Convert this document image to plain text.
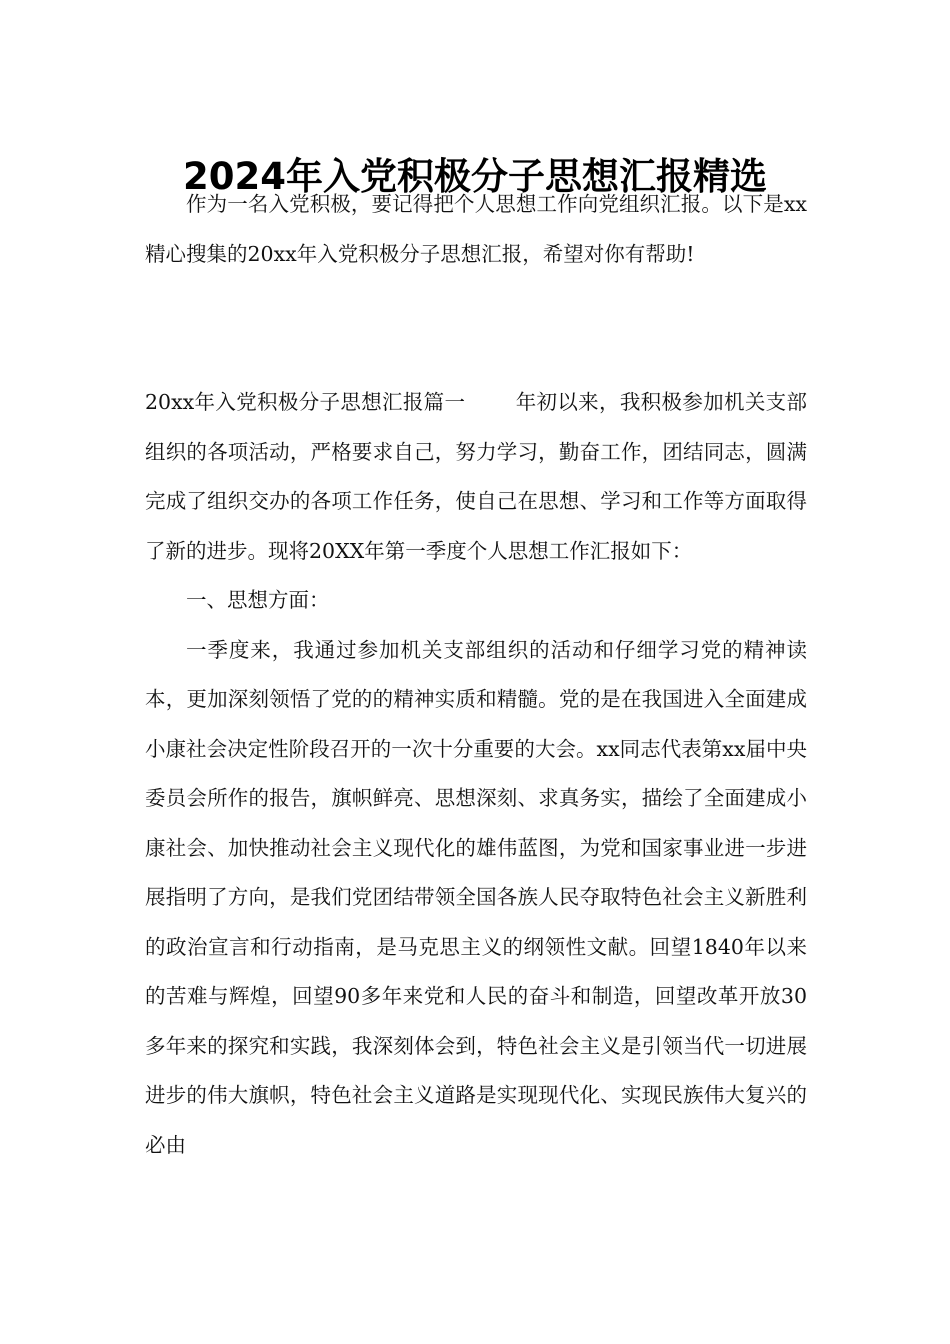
2024年入党积极分子思想汇报精选

作为一名入党积极，要记得把个人思想工作向党组织汇报。以下是xx精心搜集的20xx年入党积极分子思想汇报，希望对你有帮助!

20xx年入党积极分子思想汇报篇一 年初以来，我积极参加机关支部组织的各项活动，严格要求自己，努力学习，勤奋工作，团结同志，圆满完成了组织交办的各项工作任务，使自己在思想、学习和工作等方面取得了新的进步。现将20XX年第一季度个人思想工作汇报如下：

一、思想方面：

一季度来，我通过参加机关支部组织的活动和仔细学习党的精神读本，更加深刻领悟了党的的精神实质和精髓。党的是在我国进入全面建成小康社会决定性阶段召开的一次十分重要的大会。xx同志代表第xx届中央委员会所作的报告，旗帜鲜亮、思想深刻、求真务实，描绘了全面建成小康社会、加快推动社会主义现代化的雄伟蓝图，为党和国家事业进一步进展指明了方向，是我们党团结带领全国各族人民夺取特色社会主义新胜利的政治宣言和行动指南，是马克思主义的纲领性文献。回望1840年以来的苦难与辉煌，回望90多年来党和人民的奋斗和制造，回望改革开放30多年来的探究和实践，我深刻体会到，特色社会主义是引领当代一切进展进步的伟大旗帜，特色社会主义道路是实现现代化、实现民族伟大复兴的必由
